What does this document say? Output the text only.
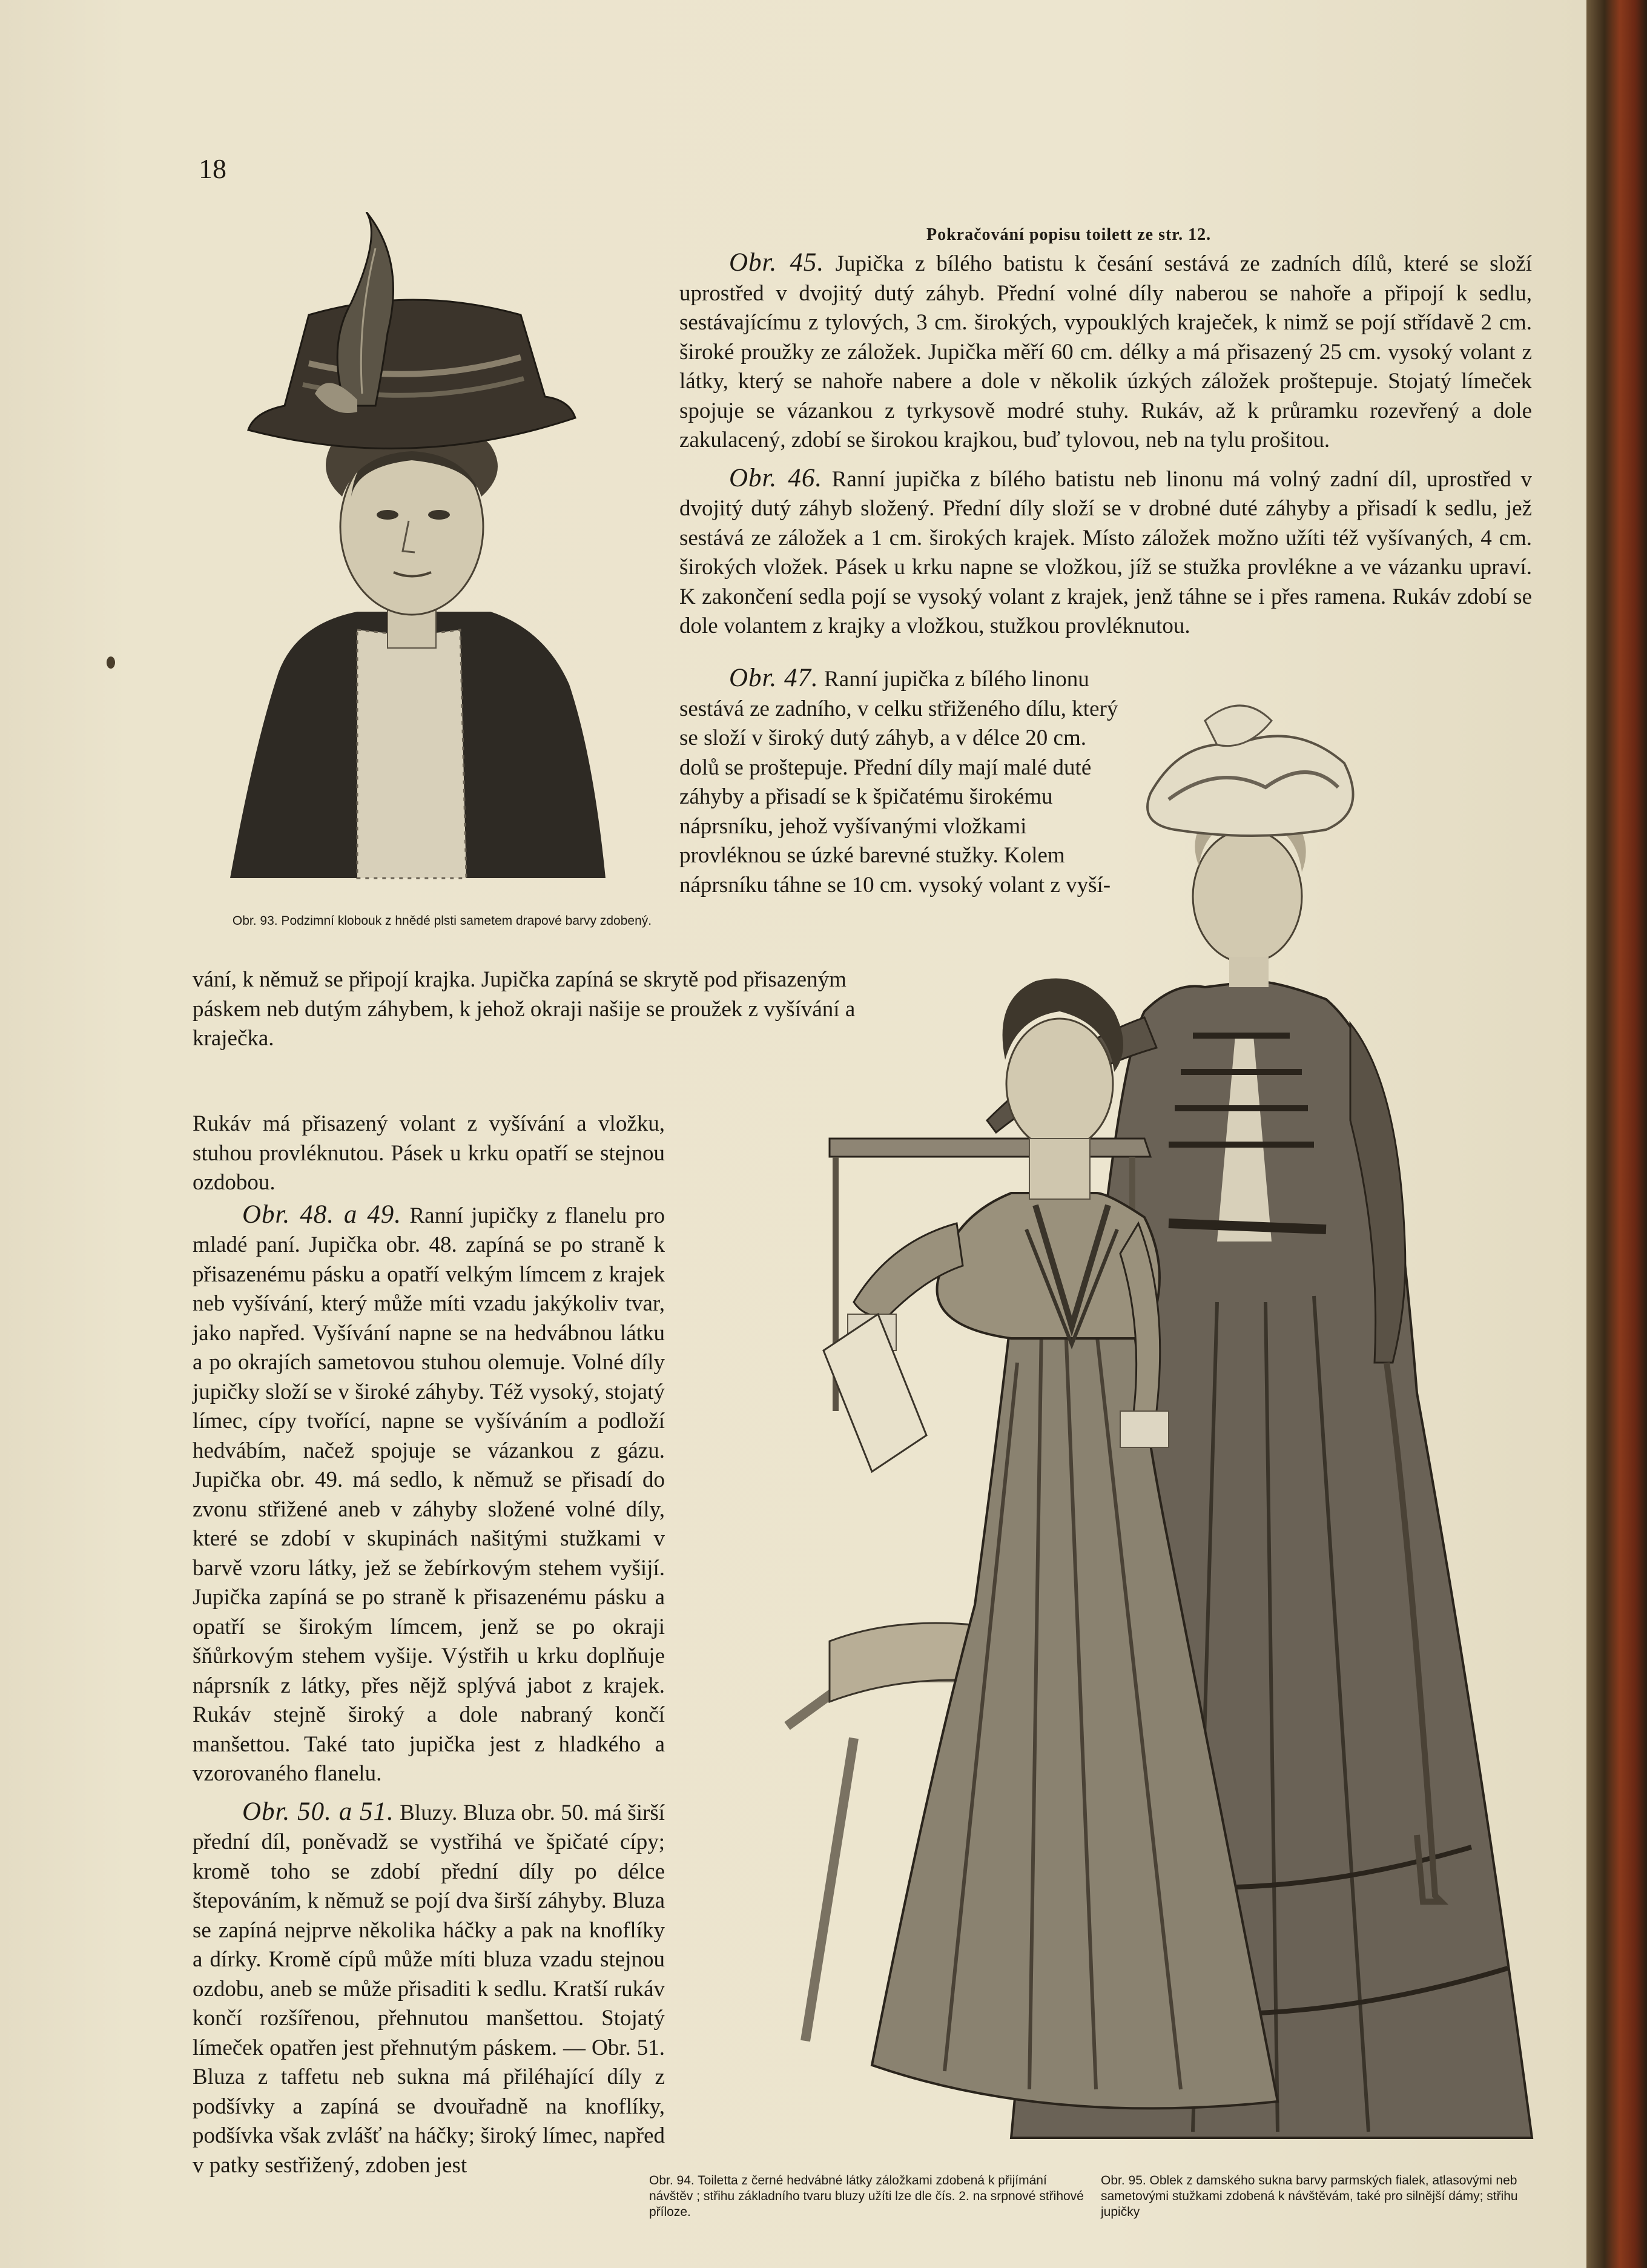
18
Obr. 93. Podzimní klobouk z hnědé plsti sametem drapové barvy zdobený.
Pokračování popisu toilett ze str. 12.

Obr. 45. Jupička z bílého batistu k česání sestává ze zadních dílů, které se složí uprostřed v dvojitý dutý záhyb. Přední volné díly naberou se nahoře a připojí k sedlu, sestávajícímu z tylových, 3 cm. širokých, vypouklých kraječek, k nimž se pojí střídavě 2 cm. široké proužky ze záložek. Jupička měří 60 cm. délky a má přisazený 25 cm. vysoký volant z látky, který se nahoře nabere a dole v několik úzkých záložek proštepuje. Stojatý límeček spojuje se vázankou z tyrkysově modré stuhy. Rukáv, až k průramku rozevřený a dole zakulacený, zdobí se širokou krajkou, buď tylovou, neb na tylu prošitou.

Obr. 46. Ranní jupička z bílého batistu neb linonu má volný zadní díl, uprostřed v dvojitý dutý záhyb složený. Přední díly složí se v drobné duté záhyby a přisadí k sedlu, jež sestává ze záložek a 1 cm. širokých krajek. Místo záložek možno užíti též vyšívaných, 4 cm. širokých vložek. Pásek u krku napne se vložkou, jíž se stužka provlékne a ve vázanku upraví. K zakončení sedla pojí se vysoký volant z krajek, jenž táhne se i přes ramena. Rukáv zdobí se dole volantem z krajky a vložkou, stužkou provléknutou.

Obr. 47. Ranní jupička z bílého linonu sestává ze zadního, v celku střiženého dílu, který se složí v široký dutý záhyb, a v délce 20 cm. dolů se proštepuje. Přední díly mají malé duté záhyby a přisadí se k špičatému širokému náprsníku, jehož vyšívanými vložkami provléknou se úzké barevné stužky. Kolem náprsníku táhne se 10 cm. vysoký volant z vyší-

vání, k němuž se připojí krajka. Jupička zapíná se skrytě pod přisazeným páskem neb dutým záhybem, k jehož okraji našije se proužek z vyšívání a kraječka.

Rukáv má přisazený volant z vyšívání a vložku, stuhou provléknutou. Pásek u krku opatří se stejnou ozdobou.

Obr. 48. a 49. Ranní jupičky z flanelu pro mladé paní. Jupička obr. 48. zapíná se po straně k přisazenému pásku a opatří velkým límcem z krajek neb vyšívání, který může míti vzadu jakýkoliv tvar, jako napřed. Vyšívání napne se na hedvábnou látku a po okrajích sametovou stuhou olemuje. Volné díly jupičky složí se v široké záhyby. Též vysoký, stojatý límec, cípy tvořící, napne se vyšíváním a podloží hedvábím, načež spojuje se vázankou z gázu. Jupička obr. 49. má sedlo, k němuž se přisadí do zvonu střižené aneb v záhyby složené volné díly, které se zdobí v skupinách našitými stužkami v barvě vzoru látky, jež se žebírkovým stehem vyšijí. Jupička zapíná se po straně k přisazenému pásku a opatří se širokým límcem, jenž se po okraji šňůrkovým stehem vyšije. Výstřih u krku doplňuje náprsník z látky, přes nějž splývá jabot z krajek. Rukáv stejně široký a dole nabraný končí manšettou. Také tato jupička jest z hladkého a vzorovaného flanelu.

Obr. 50. a 51. Bluzy. Bluza obr. 50. má širší přední díl, poněvadž se vystřihá ve špičaté cípy; kromě toho se zdobí přední díly po délce štepováním, k němuž se pojí dva širší záhyby. Bluza se zapíná nejprve několika háčky a pak na knoflíky a dírky. Kromě cípů může míti bluza vzadu stejnou ozdobu, aneb se může přisaditi k sedlu. Kratší rukáv končí rozšířenou, přehnutou manšettou. Stojatý límeček opatřen jest přehnutým páskem. — Obr. 51. Bluza z taffetu neb sukna má přiléhající díly z podšívky a zapíná se dvouřadně na knoflíky, podšívka však zvlášť na háčky; široký límec, napřed v patky sestřižený, zdoben jest

Obr. 94. Toiletta z černé hedvábné látky záložkami zdobená k přijímání návštěv ; střihu základního tvaru bluzy užíti lze dle čís. 2. na srpnové střihové příloze.
Obr. 95. Oblek z damského sukna barvy parmských fialek, atlasovými neb sametovými stužkami zdobená k návštěvám, také pro silnější dámy; střihu jupičky
